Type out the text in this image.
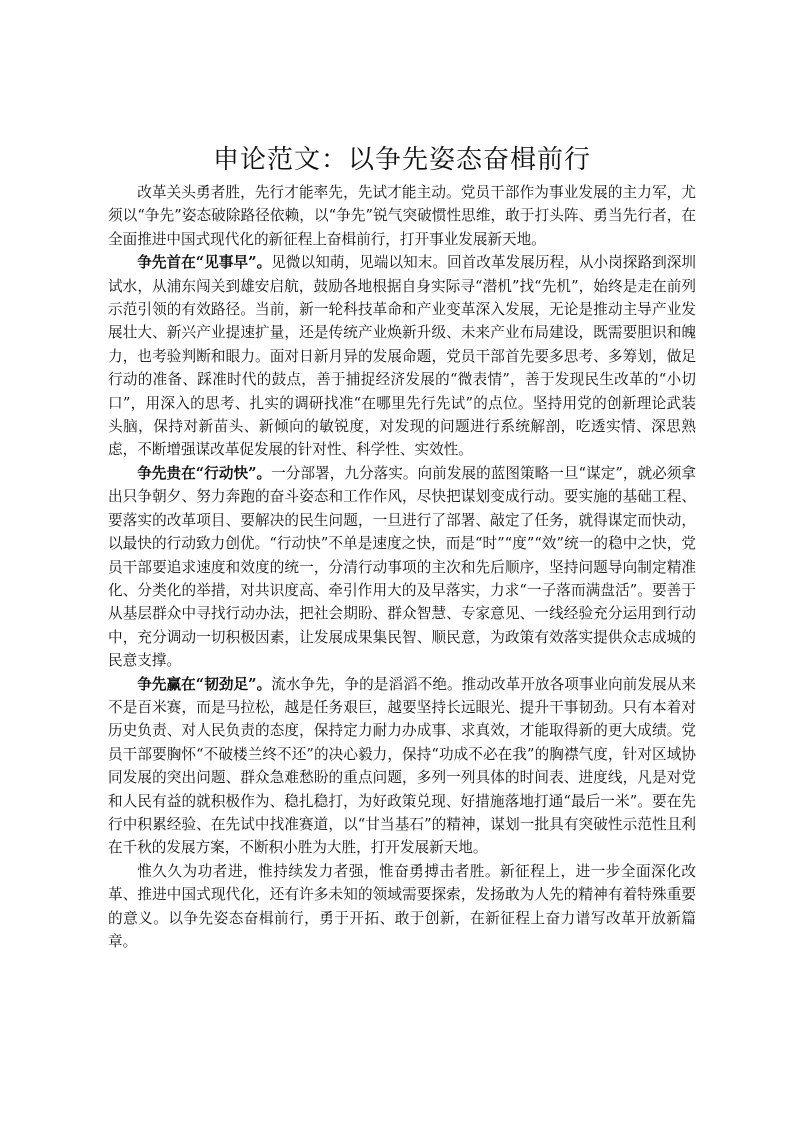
申论范文：以争先姿态奋楫前行

改革关头勇者胜，先行才能率先，先试才能主动。党员干部作为事业发展的主力军，尤须以“争先”姿态破除路径依赖，以“争先”锐气突破惯性思维，敢于打头阵、勇当先行者，在全面推进中国式现代化的新征程上奋楫前行，打开事业发展新天地。

争先首在“见事早”。见微以知萌，见端以知末。回首改革发展历程，从小岗探路到深圳试水，从浦东闯关到雄安启航，鼓励各地根据自身实际寻“潜机”找“先机”，始终是走在前列示范引领的有效路径。当前，新一轮科技革命和产业变革深入发展，无论是推动主导产业发展壮大、新兴产业提速扩量，还是传统产业焕新升级、未来产业布局建设，既需要胆识和魄力，也考验判断和眼力。面对日新月异的发展命题，党员干部首先要多思考、多筹划，做足行动的准备、踩准时代的鼓点，善于捕捉经济发展的“微表情”，善于发现民生改革的“小切口”，用深入的思考、扎实的调研找准“在哪里先行先试”的点位。坚持用党的创新理论武装头脑，保持对新苗头、新倾向的敏锐度，对发现的问题进行系统解剖，吃透实情、深思熟虑，不断增强谋改革促发展的针对性、科学性、实效性。

争先贵在“行动快”。一分部署，九分落实。向前发展的蓝图策略一旦“谋定”，就必须拿出只争朝夕、努力奔跑的奋斗姿态和工作作风，尽快把谋划变成行动。要实施的基础工程、要落实的改革项目、要解决的民生问题，一旦进行了部署、敲定了任务，就得谋定而快动，以最快的行动致力创优。“行动快”不单是速度之快，而是“时”“度”“效”统一的稳中之快，党员干部要追求速度和效度的统一，分清行动事项的主次和先后顺序，坚持问题导向制定精准化、分类化的举措，对共识度高、牵引作用大的及早落实，力求“一子落而满盘活”。要善于从基层群众中寻找行动办法，把社会期盼、群众智慧、专家意见、一线经验充分运用到行动中，充分调动一切积极因素，让发展成果集民智、顺民意，为政策有效落实提供众志成城的民意支撑。

争先赢在“韧劲足”。流水争先，争的是滔滔不绝。推动改革开放各项事业向前发展从来不是百米赛，而是马拉松，越是任务艰巨，越要坚持长远眼光、提升干事韧劲。只有本着对历史负责、对人民负责的态度，保持定力耐力办成事、求真效，才能取得新的更大成绩。党员干部要胸怀“不破楼兰终不还”的决心毅力，保持“功成不必在我”的胸襟气度，针对区域协同发展的突出问题、群众急难愁盼的重点问题，多列一列具体的时间表、进度线，凡是对党和人民有益的就积极作为、稳扎稳打，为好政策兑现、好措施落地打通“最后一米”。要在先行中积累经验、在先试中找准赛道，以“甘当基石”的精神，谋划一批具有突破性示范性且利在千秋的发展方案，不断积小胜为大胜，打开发展新天地。

惟久久为功者进，惟持续发力者强，惟奋勇搏击者胜。新征程上，进一步全面深化改革、推进中国式现代化，还有许多未知的领域需要探索，发扬敢为人先的精神有着特殊重要的意义。以争先姿态奋楫前行，勇于开拓、敢于创新，在新征程上奋力谱写改革开放新篇章。
